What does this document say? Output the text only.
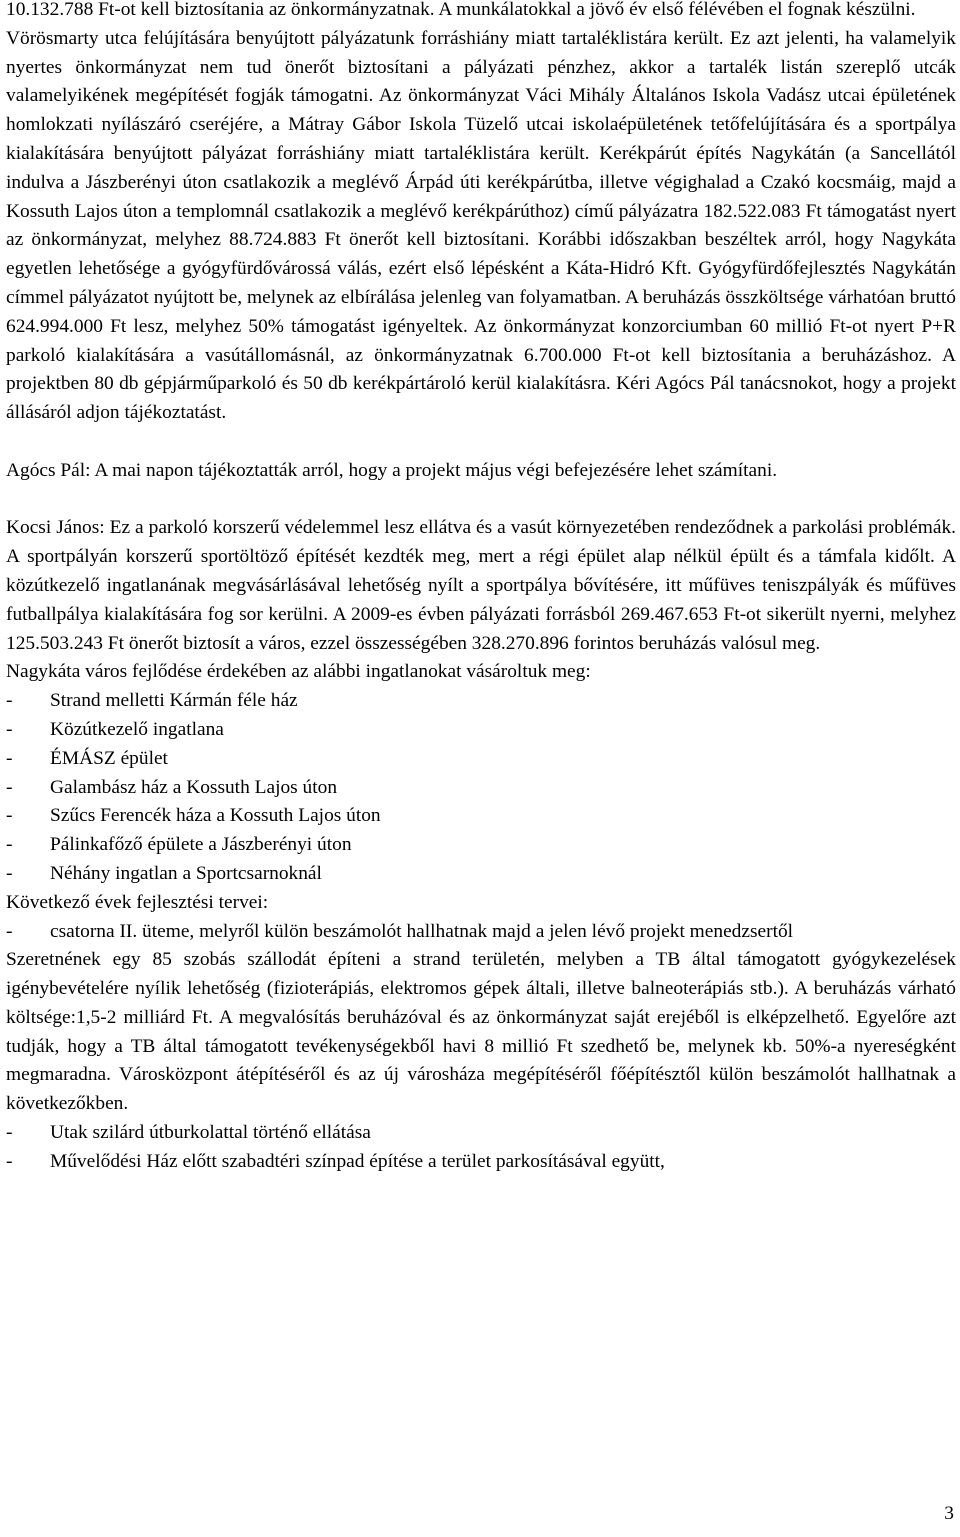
10.132.788 Ft-ot kell biztosítania az önkormányzatnak. A munkálatokkal a jövő év első félévében el fognak készülni.

Vörösmarty utca felújítására benyújtott pályázatunk forráshiány miatt tartaléklistára került. Ez azt jelenti, ha valamelyik nyertes önkormányzat nem tud önerőt biztosítani a pályázati pénzhez, akkor a tartalék listán szereplő utcák valamelyikének megépítését fogják támogatni. Az önkormányzat Váci Mihály Általános Iskola Vadász utcai épületének homlokzati nyílászáró cseréjére, a Mátray Gábor Iskola Tüzelő utcai iskolaépületének tetőfelújítására és a sportpálya kialakítására benyújtott pályázat forráshiány miatt tartaléklistára került. Kerékpárút építés Nagykátán (a Sancellától indulva a Jászberényi úton csatlakozik a meglévő Árpád úti kerékpárútba, illetve végighalad a Czakó kocsmáig, majd a Kossuth Lajos úton a templomnál csatlakozik a meglévő kerékpárúthoz) című pályázatra 182.522.083 Ft támogatást nyert az önkormányzat, melyhez 88.724.883 Ft önerőt kell biztosítani. Korábbi időszakban beszéltek arról, hogy Nagykáta egyetlen lehetősége a gyógyfürdővárossá válás, ezért első lépésként a Káta-Hidró Kft. Gyógyfürdőfejlesztés Nagykátán címmel pályázatot nyújtott be, melynek az elbírálása jelenleg van folyamatban. A beruházás összköltsége várhatóan bruttó 624.994.000 Ft lesz, melyhez 50% támogatást igényeltek. Az önkormányzat konzorciumban 60 millió Ft-ot nyert P+R parkoló kialakítására a vasútállomásnál, az önkormányzatnak 6.700.000 Ft-ot kell biztosítania a beruházáshoz. A projektben 80 db gépjárműparkoló és 50 db kerékpártároló kerül kialakításra. Kéri Agócs Pál tanácsnokot, hogy a projekt állásáról adjon tájékoztatást.

Agócs Pál: A mai napon tájékoztatták arról, hogy a projekt május végi befejezésére lehet számítani.

Kocsi János: Ez a parkoló korszerű védelemmel lesz ellátva és a vasút környezetében rendeződnek a parkolási problémák. A sportpályán korszerű sportöltöző építését kezdték meg, mert a régi épület alap nélkül épült és a támfala kidőlt. A közútkezelő ingatlanának megvásárlásával lehetőség nyílt a sportpálya bővítésére, itt műfüves teniszpályák és műfüves futballpálya kialakítására fog sor kerülni. A 2009-es évben pályázati forrásból 269.467.653 Ft-ot sikerült nyerni, melyhez 125.503.243 Ft önerőt biztosít a város, ezzel összességében 328.270.896 forintos beruházás valósul meg.

Nagykáta város fejlődése érdekében az alábbi ingatlanokat vásároltuk meg:

- Strand melletti Kármán féle ház
- Közútkezelő ingatlana
- ÉMÁSZ épület
- Galambász ház a Kossuth Lajos úton
- Szűcs Ferencék háza a Kossuth Lajos úton
- Pálinkafőző épülete a Jászberényi úton
- Néhány ingatlan a Sportcsarnoknál

Következő évek fejlesztési tervei:

- csatorna II. üteme, melyről külön beszámolót hallhatnak majd a jelen lévő projekt menedzsertől

Szeretnének egy 85 szobás szállodát építeni a strand területén, melyben a TB által támogatott gyógykezelések igénybevételére nyílik lehetőség (fizioterápiás, elektromos gépek általi, illetve balneoterápiás stb.). A beruházás várható költsége:1,5-2 milliárd Ft. A megvalósítás beruházóval és az önkormányzat saját erejéből is elképzelhető. Egyelőre azt tudják, hogy a TB által támogatott tevékenységekből havi 8 millió Ft szedhető be, melynek kb. 50%-a nyereségként megmaradna. Városközpont átépítéséről és az új városháza megépítéséről főépítésztől külön beszámolót hallhatnak a következőkben.

- Utak szilárd útburkolattal történő ellátása
- Művelődési Ház előtt szabadtéri színpad építése a terület parkosításával együtt,
3
